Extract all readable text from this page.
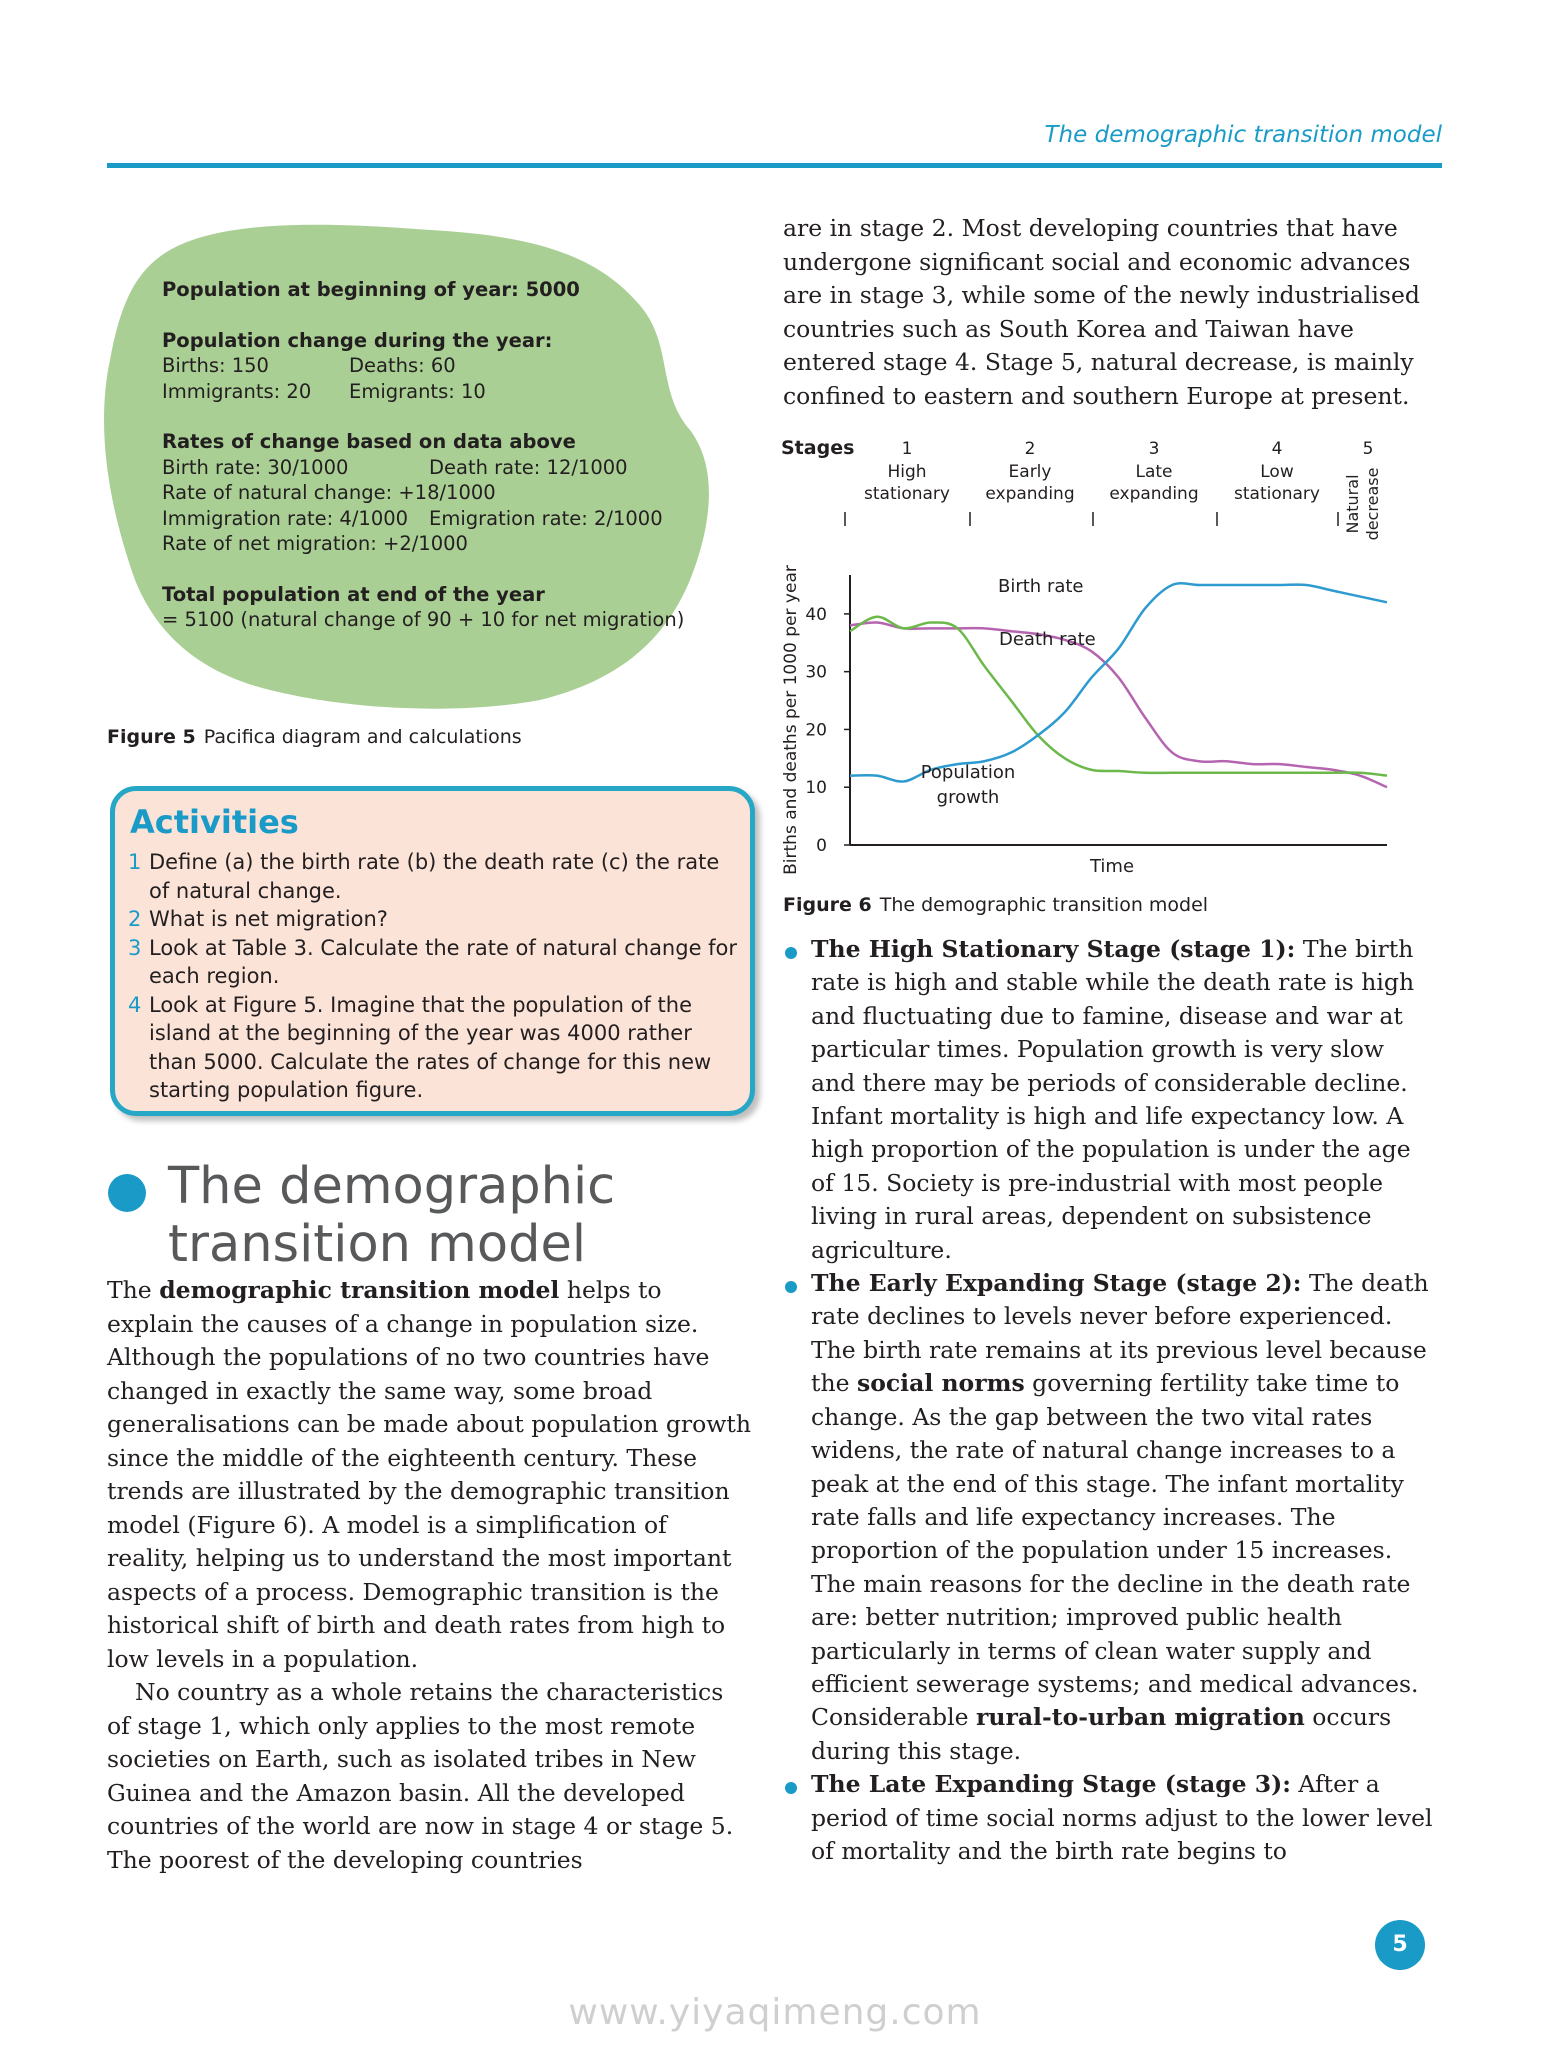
The demographic transition model
Population at beginning of year: 5000
Population change during the year:
Births: 150	Deaths: 60
Immigrants: 20	Emigrants: 10
Rates of change based on data above
Birth rate: 30/1000	Death rate: 12/1000
Rate of natural change: +18/1000
Immigration rate: 4/1000	Emigration rate: 2/1000
Rate of net migration: +2/1000
Total population at end of the year
= 5100 (natural change of 90 + 10 for net migration)
Figure 5 Pacifica diagram and calculations
Activities
1 Define (a) the birth rate (b) the death rate (c) the rate of natural change.
2 What is net migration?
3 Look at Table 3. Calculate the rate of natural change for each region.
4 Look at Figure 5. Imagine that the population of the island at the beginning of the year was 4000 rather than 5000. Calculate the rates of change for this new starting population figure.
The demographic transition model

The demographic transition model helps to explain the causes of a change in population size. Although the populations of no two countries have changed in exactly the same way, some broad generalisations can be made about population growth since the middle of the eighteenth century. These trends are illustrated by the demographic transition model (Figure 6). A model is a simplification of reality, helping us to understand the most important aspects of a process. Demographic transition is the historical shift of birth and death rates from high to low levels in a population.

No country as a whole retains the characteristics of stage 1, which only applies to the most remote societies on Earth, such as isolated tribes in New Guinea and the Amazon basin. All the developed countries of the world are now in stage 4 or stage 5. The poorest of the developing countries

are in stage 2. Most developing countries that have undergone significant social and economic advances are in stage 3, while some of the newly industrialised countries such as South Korea and Taiwan have entered stage 4. Stage 5, natural decrease, is mainly confined to eastern and southern Europe at present.
Stages	1
High
stationary
2
Early
expanding
3
Late
expanding
4
Low
stationary
5
Natural decrease
0
10
20
30
40
Births and deaths per 1000 per year	Time
Birth rate
Death rate
Population
growth
Figure 6 The demographic transition model
The High Stationary Stage (stage 1): The birth rate is high and stable while the death rate is high and fluctuating due to famine, disease and war at particular times. Population growth is very slow and there may be periods of considerable decline. Infant mortality is high and life expectancy low. A high proportion of the population is under the age of 15. Society is pre-industrial with most people living in rural areas, dependent on subsistence agriculture.
The Early Expanding Stage (stage 2): The death rate declines to levels never before experienced. The birth rate remains at its previous level because the social norms governing fertility take time to change. As the gap between the two vital rates widens, the rate of natural change increases to a peak at the end of this stage. The infant mortality rate falls and life expectancy increases. The proportion of the population under 15 increases. The main reasons for the decline in the death rate are: better nutrition; improved public health particularly in terms of clean water supply and efficient sewerage systems; and medical advances. Considerable rural-to-urban migration occurs during this stage.
The Late Expanding Stage (stage 3): After a period of time social norms adjust to the lower level of mortality and the birth rate begins to
5
www.yiyaqimeng.com
